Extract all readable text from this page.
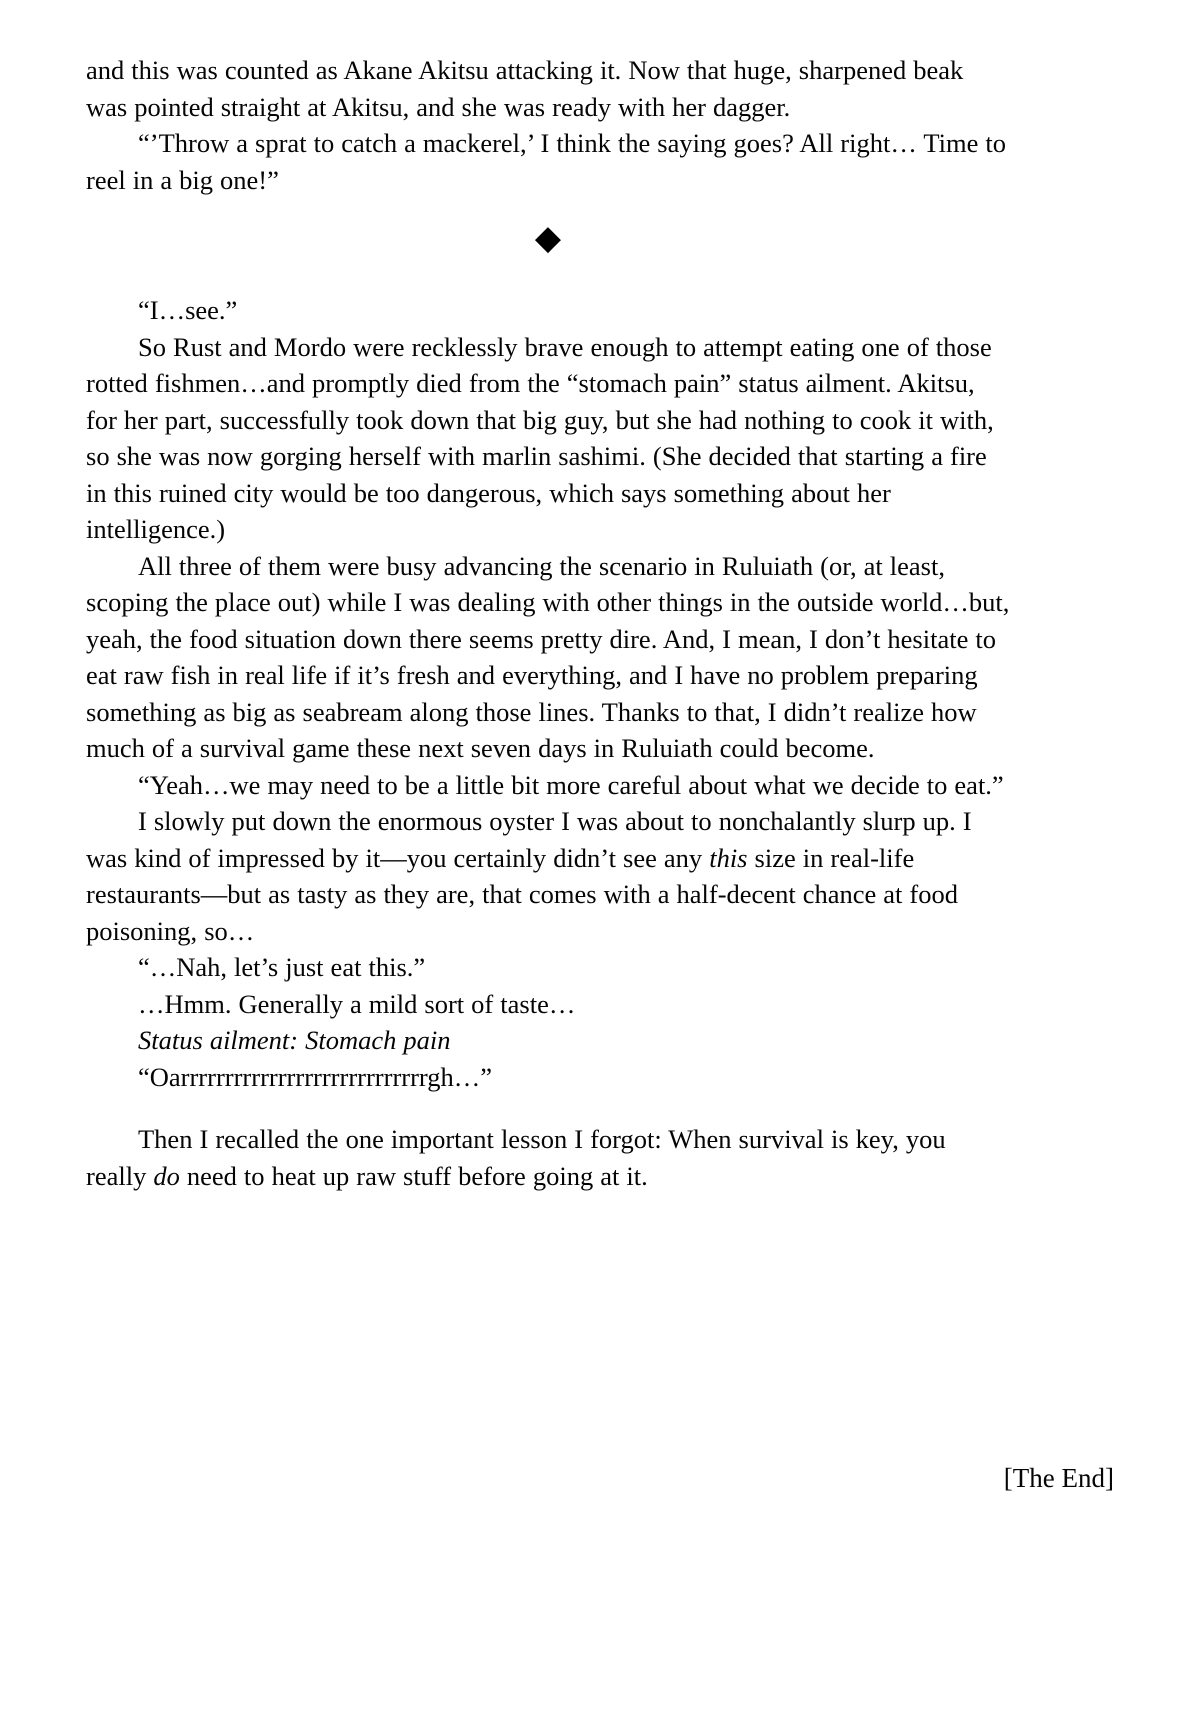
and this was counted as Akane Akitsu attacking it. Now that huge, sharpened beak was pointed straight at Akitsu, and she was ready with her dagger.

“’Throw a sprat to catch a mackerel,’ I think the saying goes? All right… Time to reel in a big one!”

◆

“I…see.”

So Rust and Mordo were recklessly brave enough to attempt eating one of those rotted fishmen…and promptly died from the “stomach pain” status ailment. Akitsu, for her part, successfully took down that big guy, but she had nothing to cook it with, so she was now gorging herself with marlin sashimi. (She decided that starting a fire in this ruined city would be too dangerous, which says something about her intelligence.)

All three of them were busy advancing the scenario in Ruluiath (or, at least, scoping the place out) while I was dealing with other things in the outside world…but, yeah, the food situation down there seems pretty dire. And, I mean, I don’t hesitate to eat raw fish in real life if it’s fresh and everything, and I have no problem preparing something as big as seabream along those lines. Thanks to that, I didn’t realize how much of a survival game these next seven days in Ruluiath could become.

“Yeah…we may need to be a little bit more careful about what we decide to eat.”

I slowly put down the enormous oyster I was about to nonchalantly slurp up. I was kind of impressed by it—you certainly didn’t see any this size in real-life restaurants—but as tasty as they are, that comes with a half-decent chance at food poisoning, so…

“…Nah, let’s just eat this.”

…Hmm. Generally a mild sort of taste…

Status ailment: Stomach pain

“Oarrrrrrrrrrrrrrrrrrrrrrrrrrrrgh…”

Then I recalled the one important lesson I forgot: When survival is key, you really do need to heat up raw stuff before going at it.

[The End]
